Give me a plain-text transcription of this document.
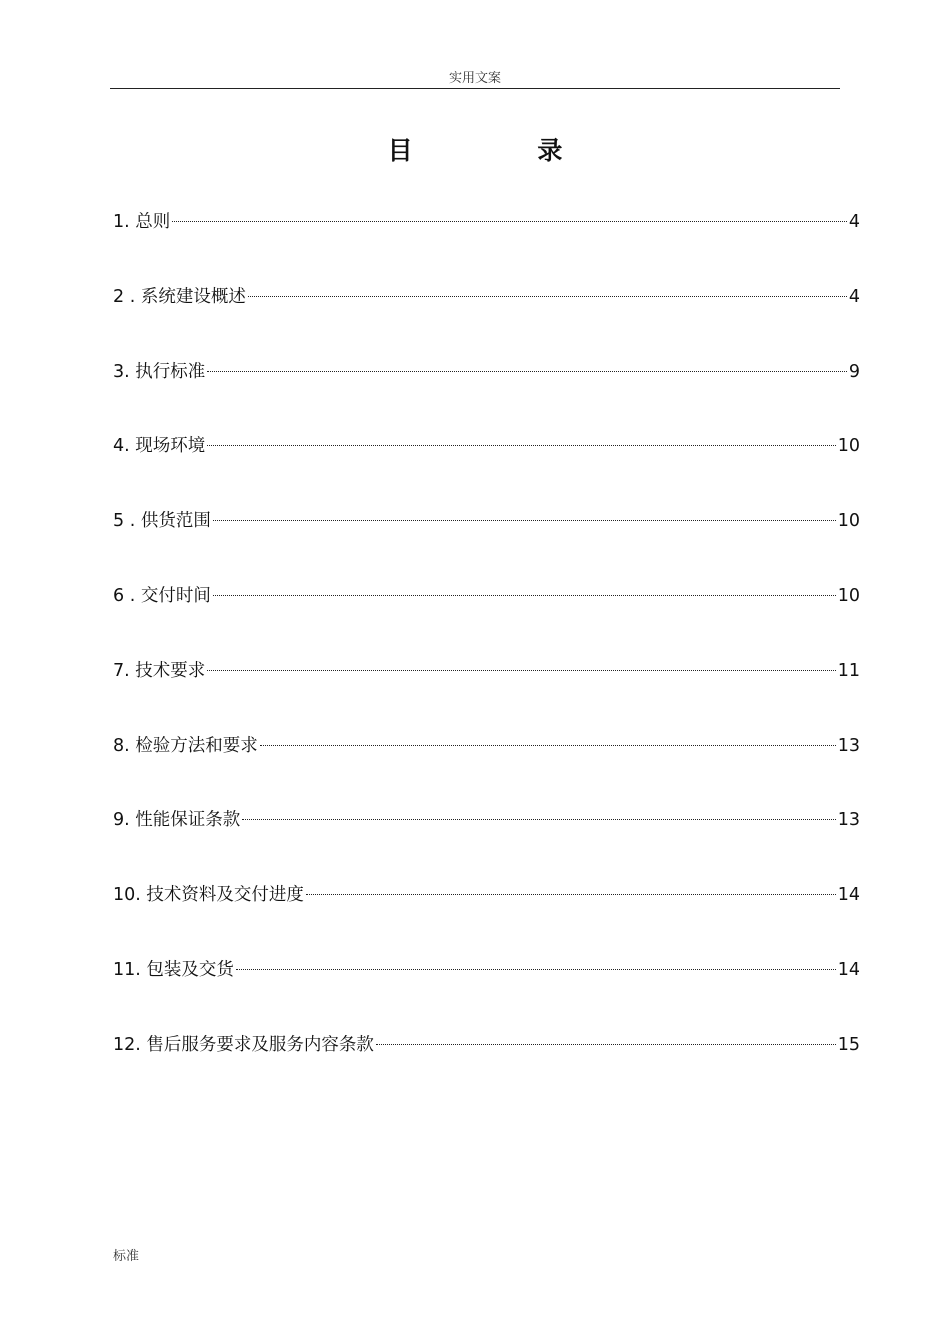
实用文案
目 录
1. 总则	4
2 . 系统建设概述	4
3. 执行标准	9
4. 现场环境	10
5 . 供货范围	10
6 . 交付时间	10
7. 技术要求	11
8. 检验方法和要求	13
9. 性能保证条款	13
10. 技术资料及交付进度	14
11. 包装及交货	14
12. 售后服务要求及服务内容条款	15
标准
